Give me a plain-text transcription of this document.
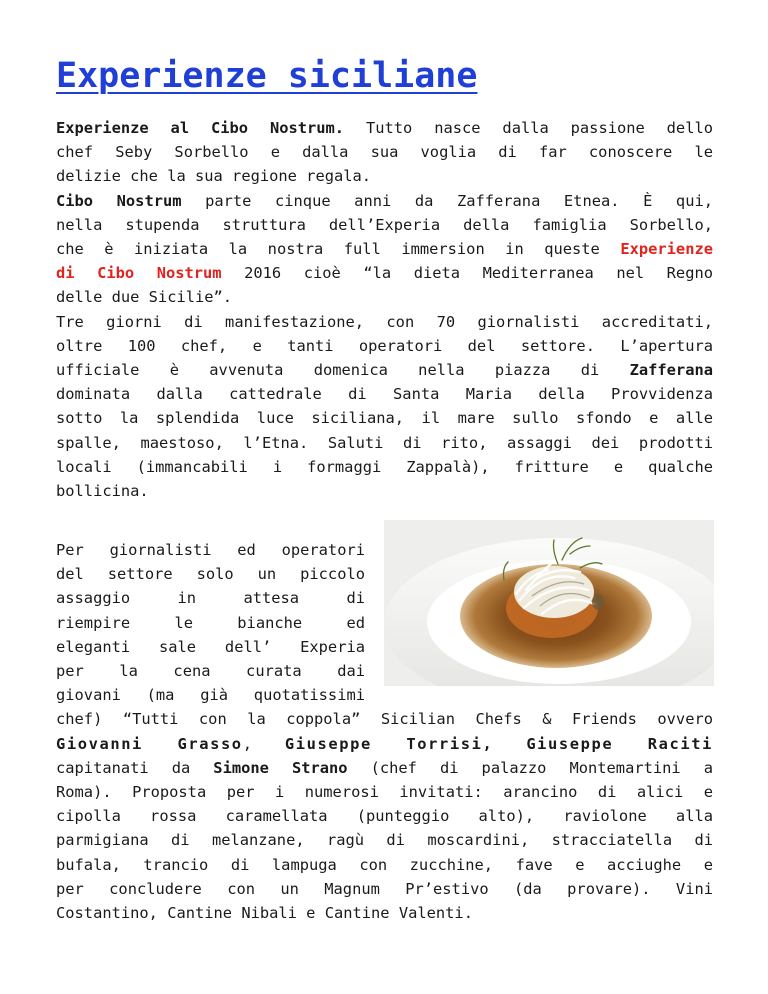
Experienze siciliane
Experienze al Cibo Nostrum. Tutto nasce dalla passione dello
chef Seby Sorbello e dalla sua voglia di far conoscere le
delizie che la sua regione regala.
Cibo Nostrum parte cinque anni da Zafferana Etnea. È qui,
nella stupenda struttura dell’Experia della famiglia Sorbello,
che è iniziata la nostra full immersion in queste Experienze
di Cibo Nostrum 2016 cioè “la dieta Mediterranea nel Regno
delle due Sicilie”.
Tre giorni di manifestazione, con 70 giornalisti accreditati,
oltre 100 chef, e tanti operatori del settore. L’apertura
ufficiale è avvenuta domenica nella piazza di Zafferana
dominata dalla cattedrale di Santa Maria della Provvidenza
sotto la splendida luce siciliana, il mare sullo sfondo e alle
spalle, maestoso, l’Etna. Saluti di rito, assaggi dei prodotti
locali (immancabili i formaggi Zappalà), fritture e qualche
bollicina.
Per giornalisti ed operatori
del settore solo un piccolo
assaggio in attesa di
riempire le bianche ed
eleganti sale dell’ Experia
per la cena curata dai
giovani (ma già quotatissimi
chef) “Tutti con la coppola” Sicilian Chefs & Friends ovvero
Giovanni Grasso, Giuseppe Torrisi, Giuseppe Raciti
capitanati da Simone Strano (chef di palazzo Montemartini a
Roma). Proposta per i numerosi invitati: arancino di alici e
cipolla rossa caramellata (punteggio alto), raviolone alla
parmigiana di melanzane, ragù di moscardini, stracciatella di
bufala, trancio di lampuga con zucchine, fave e acciughe e
per concludere con un Magnum Pr’estivo (da provare). Vini
Costantino, Cantine Nibali e Cantine Valenti.
